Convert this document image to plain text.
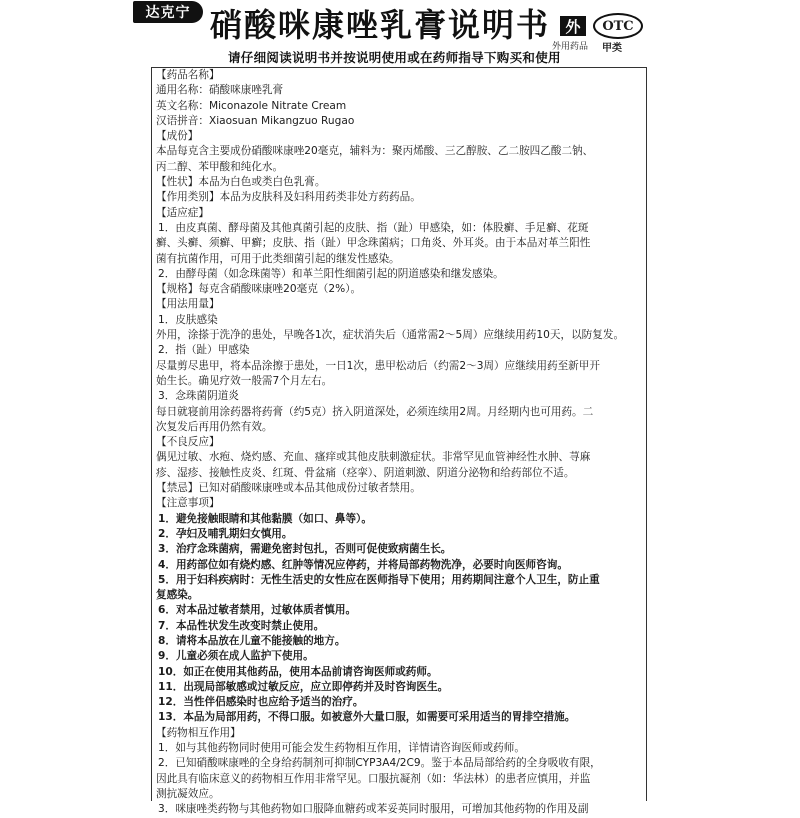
达克宁 硝酸咪康唑乳膏说明书	外
外用药品
OTC
甲类
请仔细阅读说明书并按说明使用或在药师指导下购买和使用

【药品名称】

通用名称：硝酸咪康唑乳膏

英文名称：Miconazole Nitrate Cream

汉语拼音：Xiaosuan Mikangzuo Rugao

【成份】

本品每克含主要成份硝酸咪康唑20毫克，辅料为：聚丙烯酸、三乙醇胺、乙二胺四乙酸二钠、

丙二醇、苯甲酸和纯化水。

【性状】本品为白色或类白色乳膏。

【作用类别】本品为皮肤科及妇科用药类非处方药药品。

【适应症】

1．由皮真菌、酵母菌及其他真菌引起的皮肤、指（趾）甲感染，如：体股癣、手足癣、花斑

癣、头癣、须癣、甲癣；皮肤、指（趾）甲念珠菌病；口角炎、外耳炎。由于本品对革兰阳性

菌有抗菌作用，可用于此类细菌引起的继发性感染。

2．由酵母菌（如念珠菌等）和革兰阳性细菌引起的阴道感染和继发感染。

【规格】每克含硝酸咪康唑20毫克（2%）。

【用法用量】

1．皮肤感染

外用，涂搽于洗净的患处，早晚各1次，症状消失后（通常需2～5周）应继续用药10天，以防复发。

2．指（趾）甲感染

尽量剪尽患甲，将本品涂擦于患处，一日1次，患甲松动后（约需2～3周）应继续用药至新甲开

始生长。确见疗效一般需7个月左右。

3．念珠菌阴道炎

每日就寝前用涂药器将药膏（约5克）挤入阴道深处，必须连续用2周。月经期内也可用药。二

次复发后再用仍然有效。

【不良反应】

偶见过敏、水疱、烧灼感、充血、瘙痒或其他皮肤刺激症状。非常罕见血管神经性水肿、荨麻

疹、湿疹、接触性皮炎、红斑、骨盆痛（痉挛）、阴道刺激、阴道分泌物和给药部位不适。

【禁忌】已知对硝酸咪康唑或本品其他成份过敏者禁用。

【注意事项】

1．避免接触眼睛和其他黏膜（如口、鼻等）。

2．孕妇及哺乳期妇女慎用。

3．治疗念珠菌病，需避免密封包扎，否则可促使致病菌生长。

4．用药部位如有烧灼感、红肿等情况应停药，并将局部药物洗净，必要时向医师咨询。

5．用于妇科疾病时：无性生活史的女性应在医师指导下使用；用药期间注意个人卫生，防止重

复感染。

6．对本品过敏者禁用，过敏体质者慎用。

7．本品性状发生改变时禁止使用。

8．请将本品放在儿童不能接触的地方。

9．儿童必须在成人监护下使用。

10．如正在使用其他药品，使用本品前请咨询医师或药师。

11．出现局部敏感或过敏反应，应立即停药并及时咨询医生。

12．当性伴侣感染时也应给予适当的治疗。

13．本品为局部用药，不得口服。如被意外大量口服，如需要可采用适当的胃排空措施。

【药物相互作用】

1．如与其他药物同时使用可能会发生药物相互作用，详情请咨询医师或药师。

2．已知硝酸咪康唑的全身给药制剂可抑制CYP3A4/2C9。鉴于本品局部给药的全身吸收有限，

因此具有临床意义的药物相互作用非常罕见。口服抗凝剂（如：华法林）的患者应慎用，并监

测抗凝效应。

3．咪康唑类药物与其他药物如口服降血糖药或苯妥英同时服用，可增加其他药物的作用及副
